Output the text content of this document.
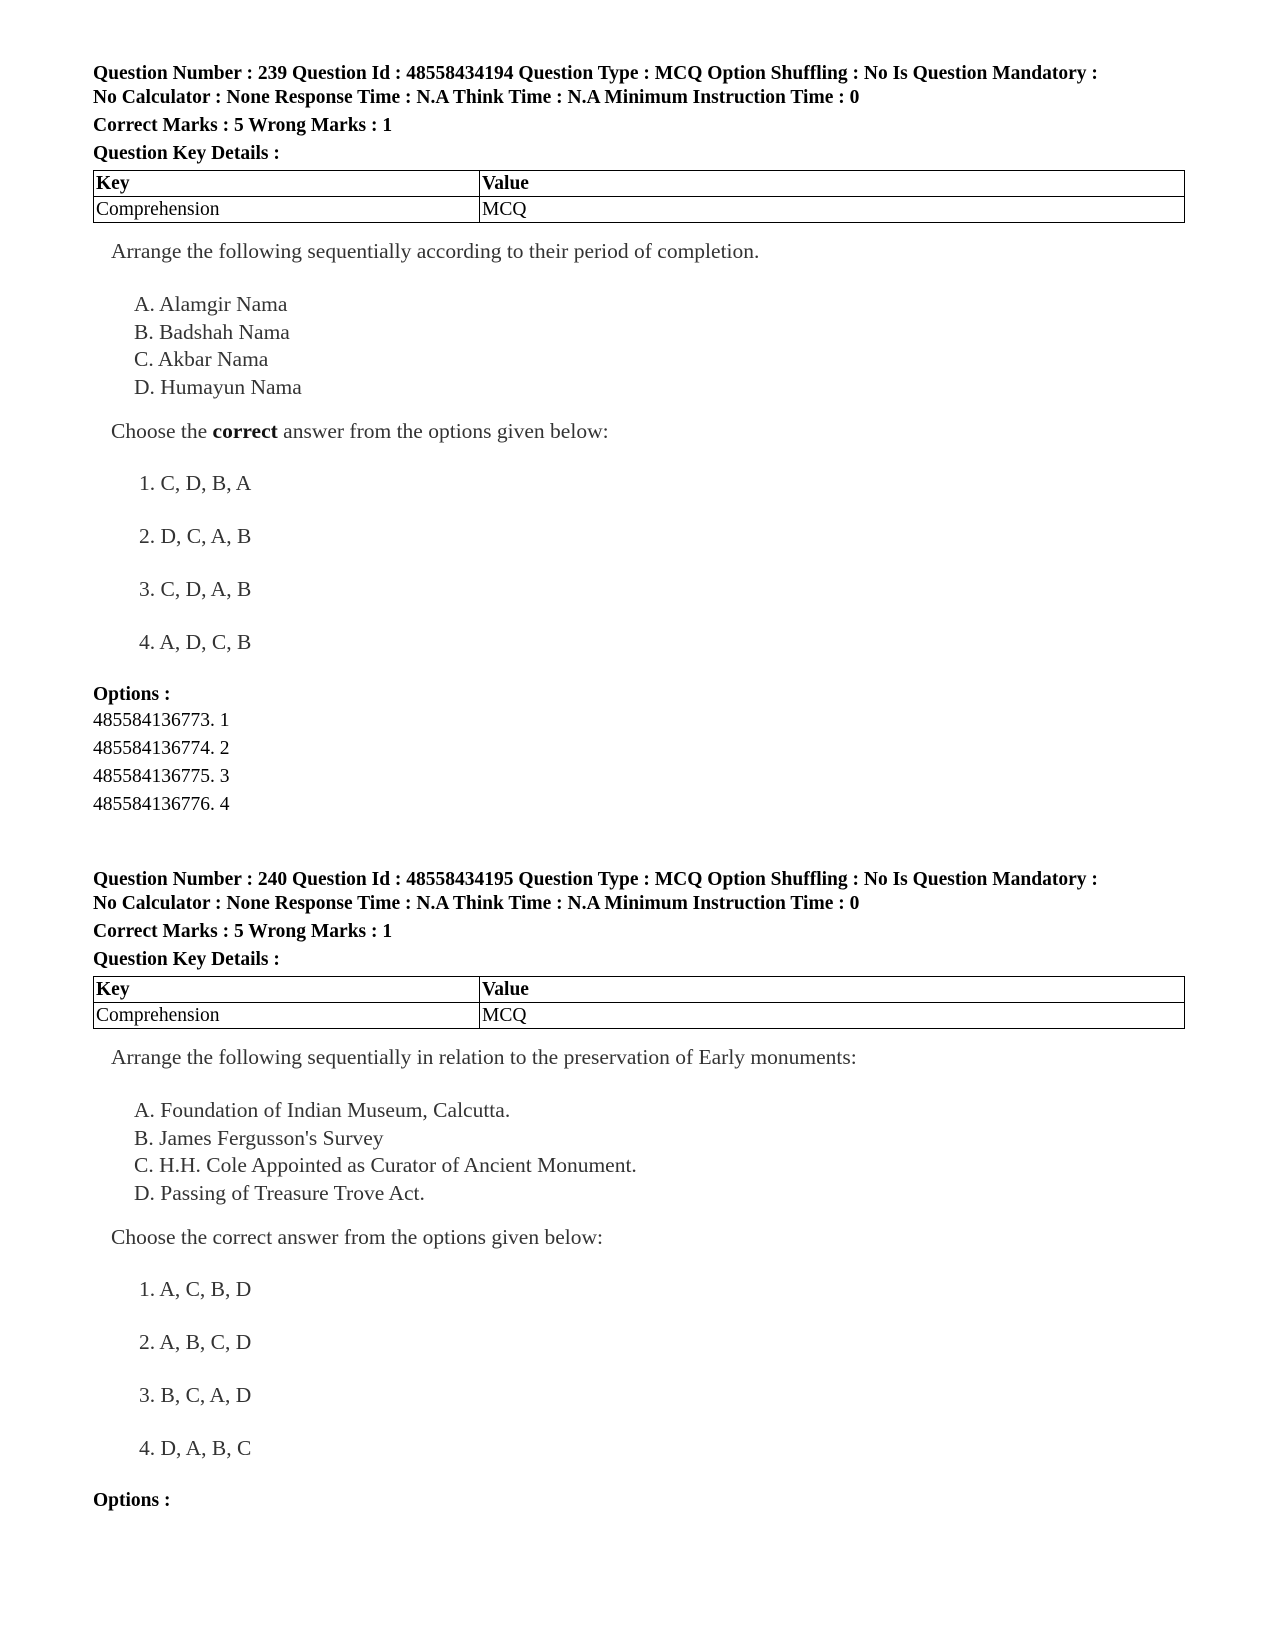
Question Number : 239 Question Id : 48558434194 Question Type : MCQ Option Shuffling : No Is Question Mandatory :
No Calculator : None Response Time : N.A Think Time : N.A Minimum Instruction Time : 0
Correct Marks : 5 Wrong Marks : 1
Question Key Details :
Key	Value
Comprehension	MCQ
Arrange the following sequentially according to their period of completion.
A. Alamgir Nama
B. Badshah Nama
C. Akbar Nama
D. Humayun Nama
Choose the correct answer from the options given below:
1. C, D, B, A
2. D, C, A, B
3. C, D, A, B
4. A, D, C, B
Options :
485584136773. 1
485584136774. 2
485584136775. 3
485584136776. 4
Question Number : 240 Question Id : 48558434195 Question Type : MCQ Option Shuffling : No Is Question Mandatory :
No Calculator : None Response Time : N.A Think Time : N.A Minimum Instruction Time : 0
Correct Marks : 5 Wrong Marks : 1
Question Key Details :
Key	Value
Comprehension	MCQ
Arrange the following sequentially in relation to the preservation of Early monuments:
A. Foundation of Indian Museum, Calcutta.
B. James Fergusson's Survey
C. H.H. Cole Appointed as Curator of Ancient Monument.
D. Passing of Treasure Trove Act.
Choose the correct answer from the options given below:
1. A, C, B, D
2. A, B, C, D
3. B, C, A, D
4. D, A, B, C
Options :
